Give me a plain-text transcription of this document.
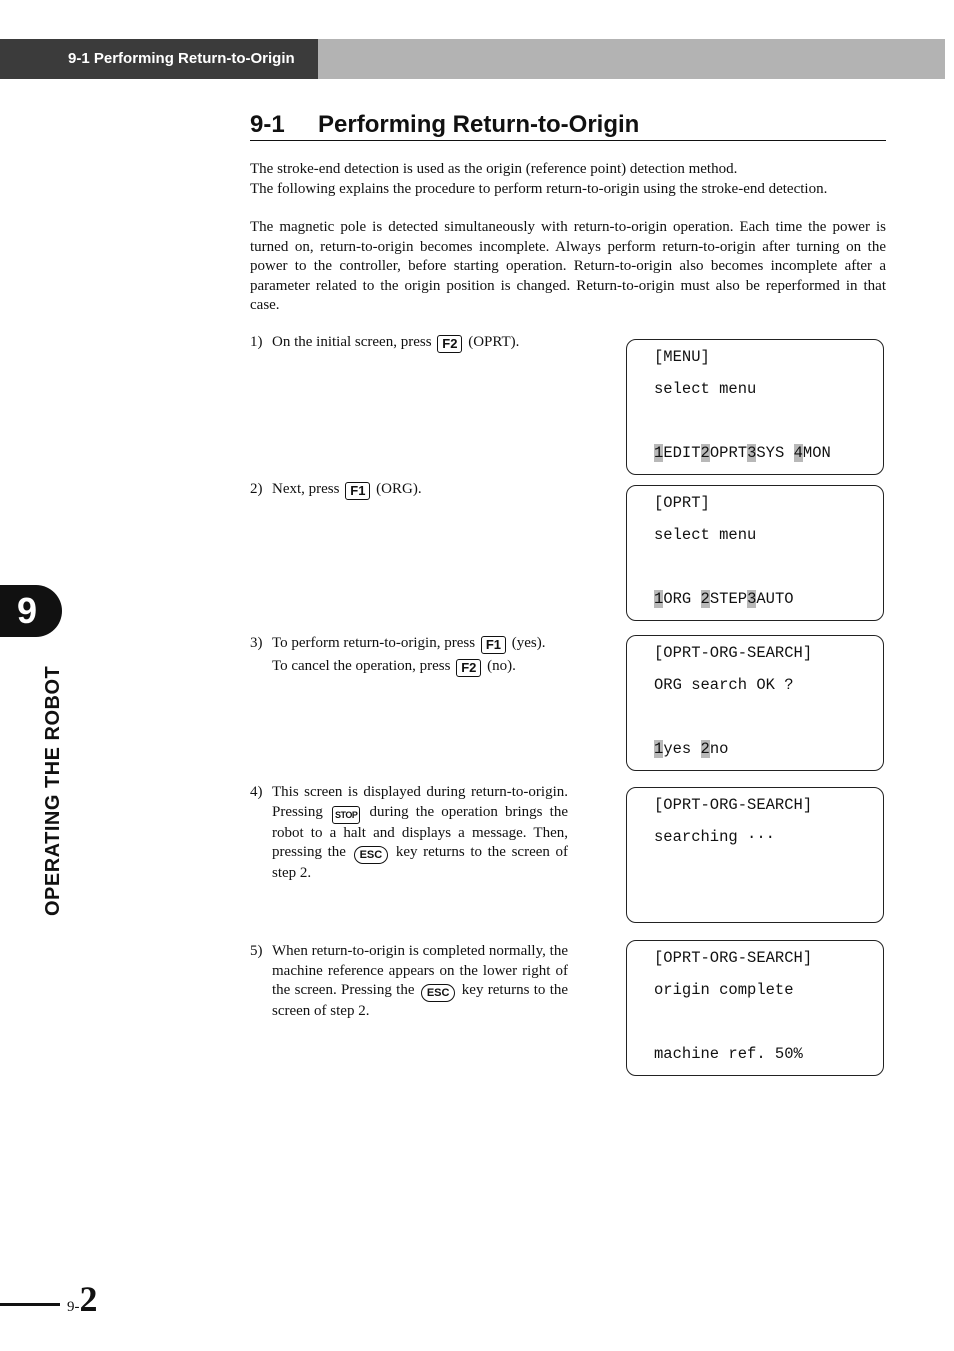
9-1 Performing Return-to-Origin
9-1 Performing Return-to-Origin
The stroke-end detection is used as the origin (reference point) detection method.
The following explains the procedure to perform return-to-origin using the stroke-end detection.
The magnetic pole is detected simultaneously with return-to-origin operation. Each time the power is turned on, return-to-origin becomes incomplete. Always perform return-to-origin after turning on the power to the controller, before starting operation. Return-to-origin also becomes incomplete after a parameter related to the origin position is changed. Return-to-origin must also be reperformed in that case.
1) On the initial screen, press F2 (OPRT).
2) Next, press F1 (ORG).
3) To perform return-to-origin, press F1 (yes).
To cancel the operation, press F2 (no).
4) This screen is displayed during return-to-origin. Pressing STOP during the operation brings the robot to a halt and displays a message. Then, pressing the ESC key returns to the screen of step 2.
5) When return-to-origin is completed normally, the machine reference appears on the lower right of the screen. Pressing the ESC key returns to the screen of step 2.
[MENU]
select menu
1EDIT2OPRT3SYS 4MON
[OPRT]
select menu
1ORG 2STEP3AUTO
[OPRT-ORG-SEARCH]
ORG search OK ?
1yes 2no
[OPRT-ORG-SEARCH]
searching ···
[OPRT-ORG-SEARCH]
origin complete
machine ref. 50%
9
OPERATING THE ROBOT
9-2
